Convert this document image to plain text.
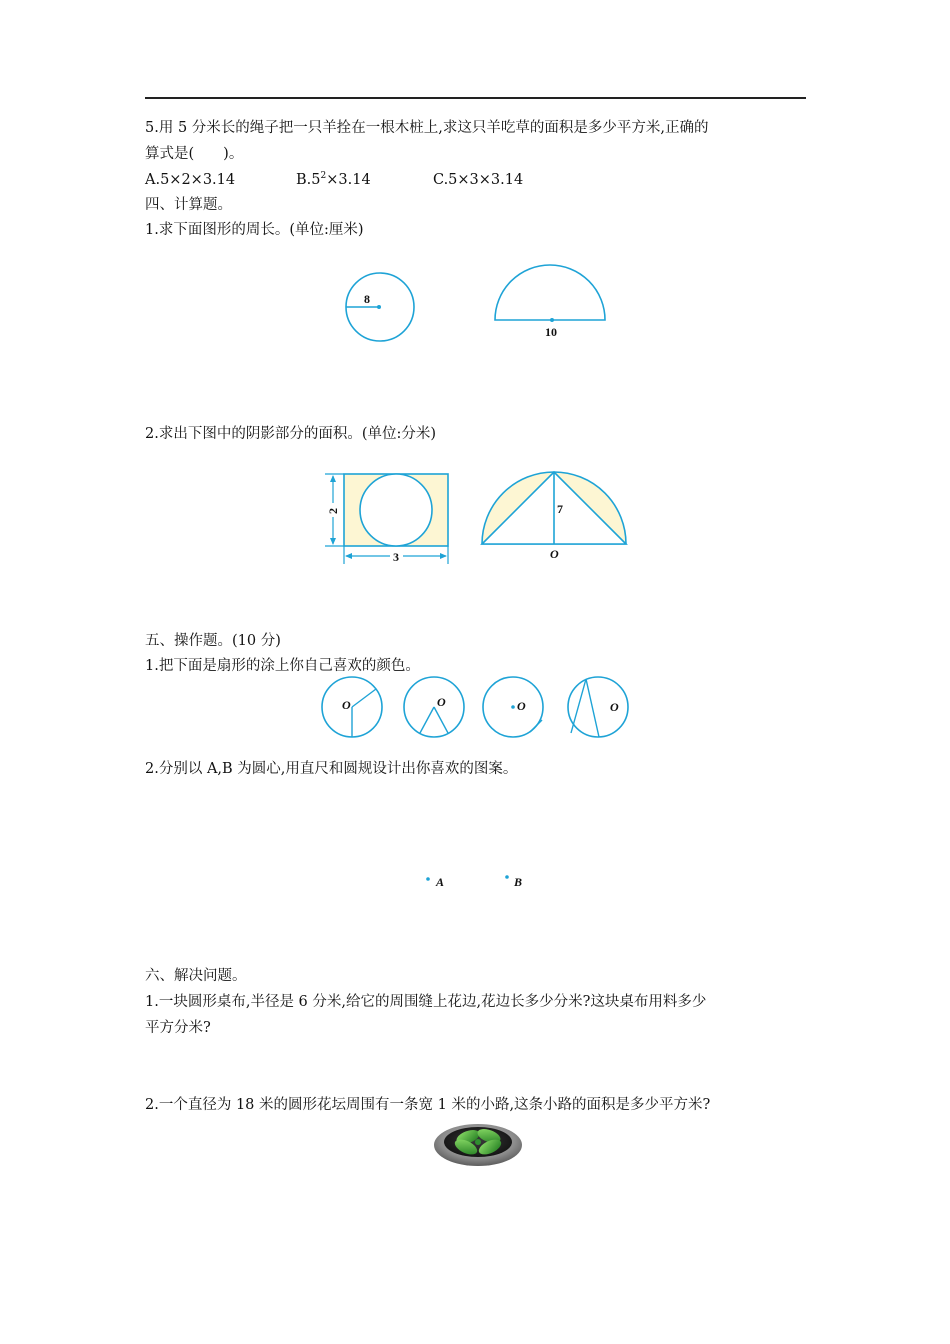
5.用 5 分米长的绳子把一只羊拴在一根木桩上,求这只羊吃草的面积是多少平方米,正确的
算式是(　　)。
A.5×2×3.14	$B.5^2\times 3.14$	C.5×3×3.14
四、计算题。
1.求下面图形的周长。(单位:厘米)
8
10
2.求出下图中的阴影部分的面积。(单位:分米)
2
3
7
O
五、操作题。(10 分)
1.把下面是扇形的涂上你自己喜欢的颜色。
O	O	O	O
2.分别以 A,B 为圆心,用直尺和圆规设计出你喜欢的图案。
A	B
六、解决问题。
1.一块圆形桌布,半径是 6 分米,给它的周围缝上花边,花边长多少分米?这块桌布用料多少
平方分米?
2.一个直径为 18 米的圆形花坛周围有一条宽 1 米的小路,这条小路的面积是多少平方米?
